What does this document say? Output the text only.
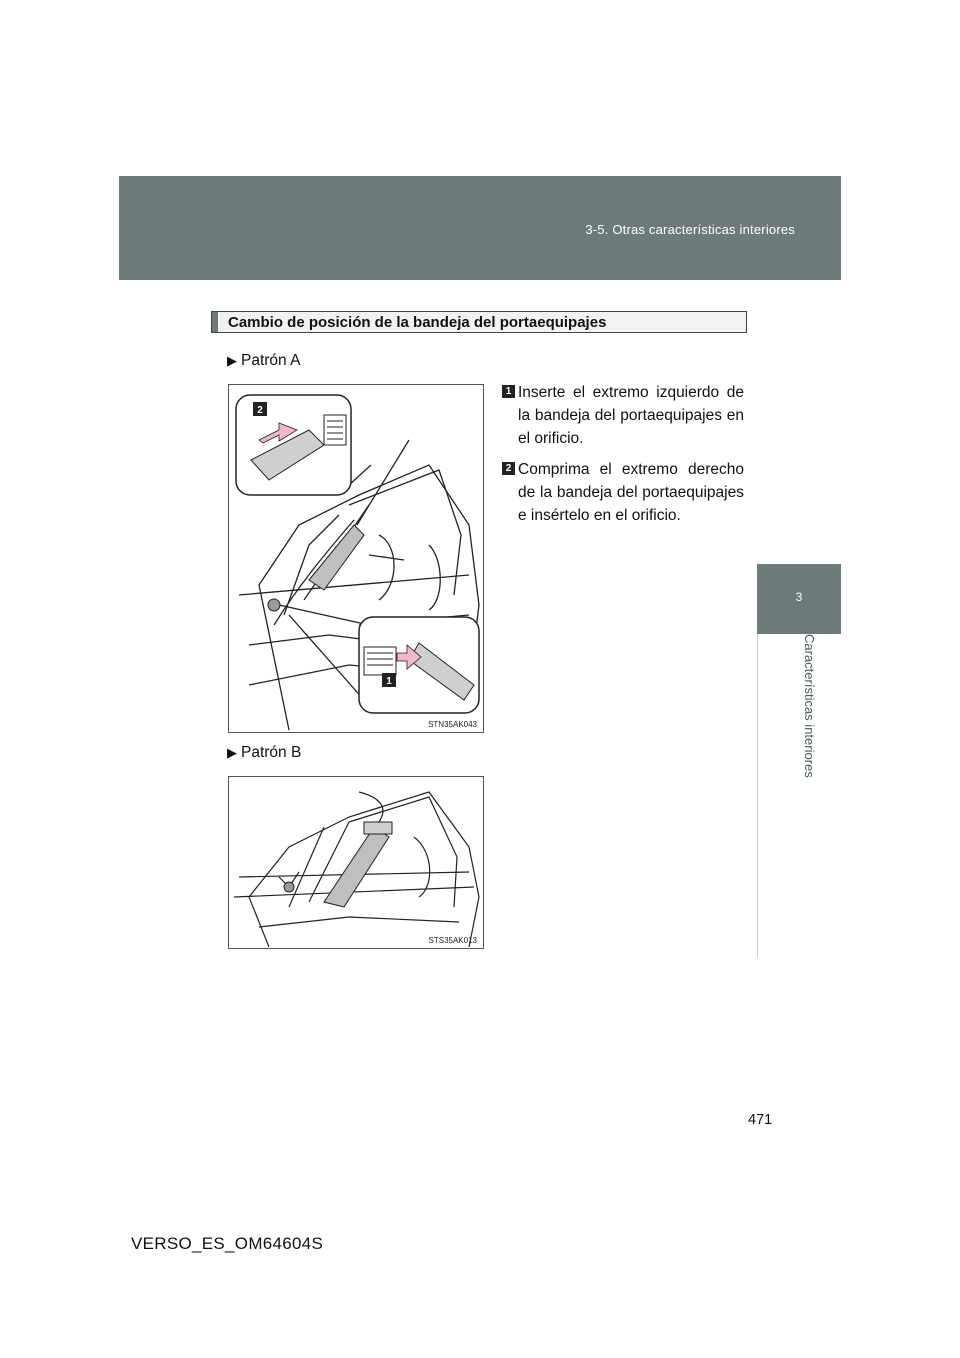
3-5. Otras características interiores
3
Características interiores
Cambio de posición de la bandeja del portaequipajes
▶ Patrón A
2
1
STN35AK043
1 Inserte el extremo izquierdo de la bandeja del portaequipajes en el orificio.
2 Comprima el extremo derecho de la bandeja del portaequipajes e insértelo en el orificio.
▶ Patrón B
STS35AK013
471
VERSO_ES_OM64604S
